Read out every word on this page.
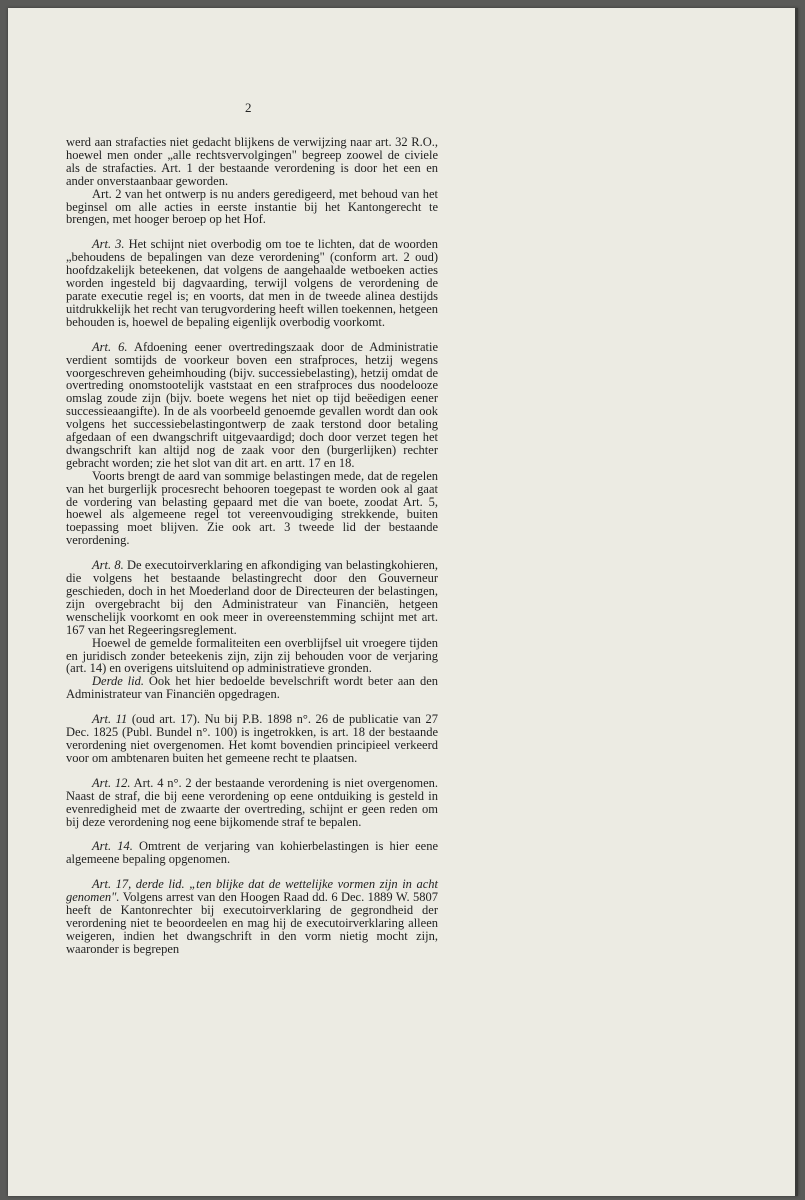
2

werd aan strafacties niet gedacht blijkens de verwijzing naar art. 32 R.O., hoewel men onder „alle rechtsvervolgingen" begreep zoowel de civiele als de strafacties. Art. 1 der bestaande verordening is door het een en ander onverstaanbaar geworden.

Art. 2 van het ontwerp is nu anders geredigeerd, met behoud van het beginsel om alle acties in eerste instantie bij het Kantongerecht te brengen, met hooger beroep op het Hof.

Art. 3. Het schijnt niet overbodig om toe te lichten, dat de woorden „behoudens de bepalingen van deze verordening" (conform art. 2 oud) hoofdzakelijk beteekenen, dat volgens de aangehaalde wetboeken acties worden ingesteld bij dagvaarding, terwijl volgens de verordening de parate executie regel is; en voorts, dat men in de tweede alinea destijds uitdrukkelijk het recht van terugvordering heeft willen toekennen, hetgeen behouden is, hoewel de bepaling eigenlijk overbodig voorkomt.

Art. 6. Afdoening eener overtredingszaak door de Administratie verdient somtijds de voorkeur boven een strafproces, hetzij wegens voorgeschreven geheimhouding (bijv. successiebelasting), hetzij omdat de overtreding onomstootelijk vaststaat en een strafproces dus noodelooze omslag zoude zijn (bijv. boete wegens het niet op tijd beëedigen eener successieaangifte). In de als voorbeeld genoemde gevallen wordt dan ook volgens het successiebelastingontwerp de zaak terstond door betaling afgedaan of een dwangschrift uitgevaardigd; doch door verzet tegen het dwangschrift kan altijd nog de zaak voor den (burgerlijken) rechter gebracht worden; zie het slot van dit art. en artt. 17 en 18.

Voorts brengt de aard van sommige belastingen mede, dat de regelen van het burgerlijk procesrecht behooren toegepast te worden ook al gaat de vordering van belasting gepaard met die van boete, zoodat Art. 5, hoewel als algemeene regel tot vereenvoudiging strekkende, buiten toepassing moet blijven. Zie ook art. 3 tweede lid der bestaande verordening.

Art. 8. De executoirverklaring en afkondiging van belastingkohieren, die volgens het bestaande belastingrecht door den Gouverneur geschieden, doch in het Moederland door de Directeuren der belastingen, zijn overgebracht bij den Administrateur van Financiën, hetgeen wenschelijk voorkomt en ook meer in overeenstemming schijnt met art. 167 van het Regeeringsreglement.

Hoewel de gemelde formaliteiten een overblijfsel uit vroegere tijden en juridisch zonder beteekenis zijn, zijn zij behouden voor de verjaring (art. 14) en overigens uitsluitend op administratieve gronden.

Derde lid. Ook het hier bedoelde bevelschrift wordt beter aan den Administrateur van Financiën opgedragen.

Art. 11 (oud art. 17). Nu bij P.B. 1898 n°. 26 de publicatie van 27 Dec. 1825 (Publ. Bundel n°. 100) is ingetrokken, is art. 18 der bestaande verordening niet overgenomen. Het komt bovendien principieel verkeerd voor om ambtenaren buiten het gemeene recht te plaatsen.

Art. 12. Art. 4 n°. 2 der bestaande verordening is niet overgenomen. Naast de straf, die bij eene verordening op eene ontduiking is gesteld in evenredigheid met de zwaarte der overtreding, schijnt er geen reden om bij deze verordening nog eene bijkomende straf te bepalen.

Art. 14. Omtrent de verjaring van kohierbelastingen is hier eene algemeene bepaling opgenomen.

Art. 17, derde lid. „ten blijke dat de wettelijke vormen zijn in acht genomen". Volgens arrest van den Hoogen Raad dd. 6 Dec. 1889 W. 5807 heeft de Kantonrechter bij executoirverklaring de gegrondheid der verordening niet te beoordeelen en mag hij de executoirverklaring alleen weigeren, indien het dwangschrift in den vorm nietig mocht zijn, waaronder is begrepen
